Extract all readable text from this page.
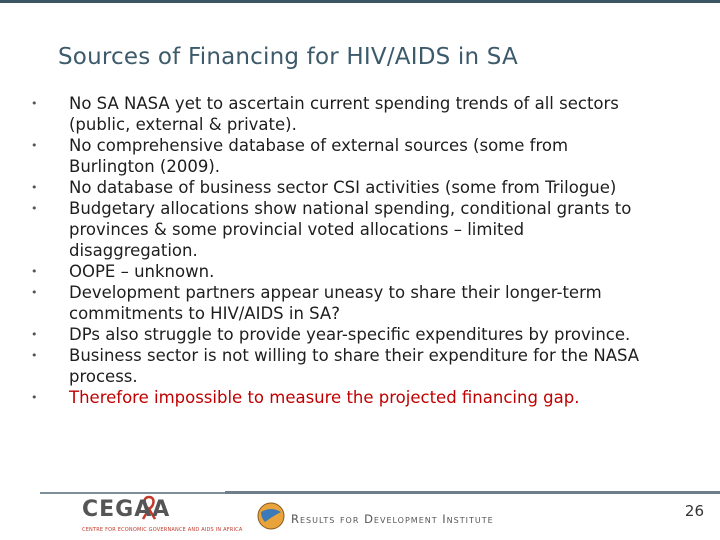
Sources of Financing for HIV/AIDS in SA
• No SA NASA yet to ascertain current spending trends of all sectors
(public, external & private).
• No comprehensive database of external sources (some from
Burlington (2009).
• No database of business sector CSI activities (some from Trilogue)
• Budgetary allocations show national spending, conditional grants to
provinces & some provincial voted allocations – limited
disaggregation.
• OOPE – unknown.
• Development partners appear uneasy to share their longer-term
commitments to HIV/AIDS in SA?
• DPs also struggle to provide year-specific expenditures by province.
• Business sector is not willing to share their expenditure for the NASA
process.
• Therefore impossible to measure the projected financing gap.
CEGAA
CENTRE FOR ECONOMIC GOVERNANCE AND AIDS IN AFRICA
Results for Development Institute	26
